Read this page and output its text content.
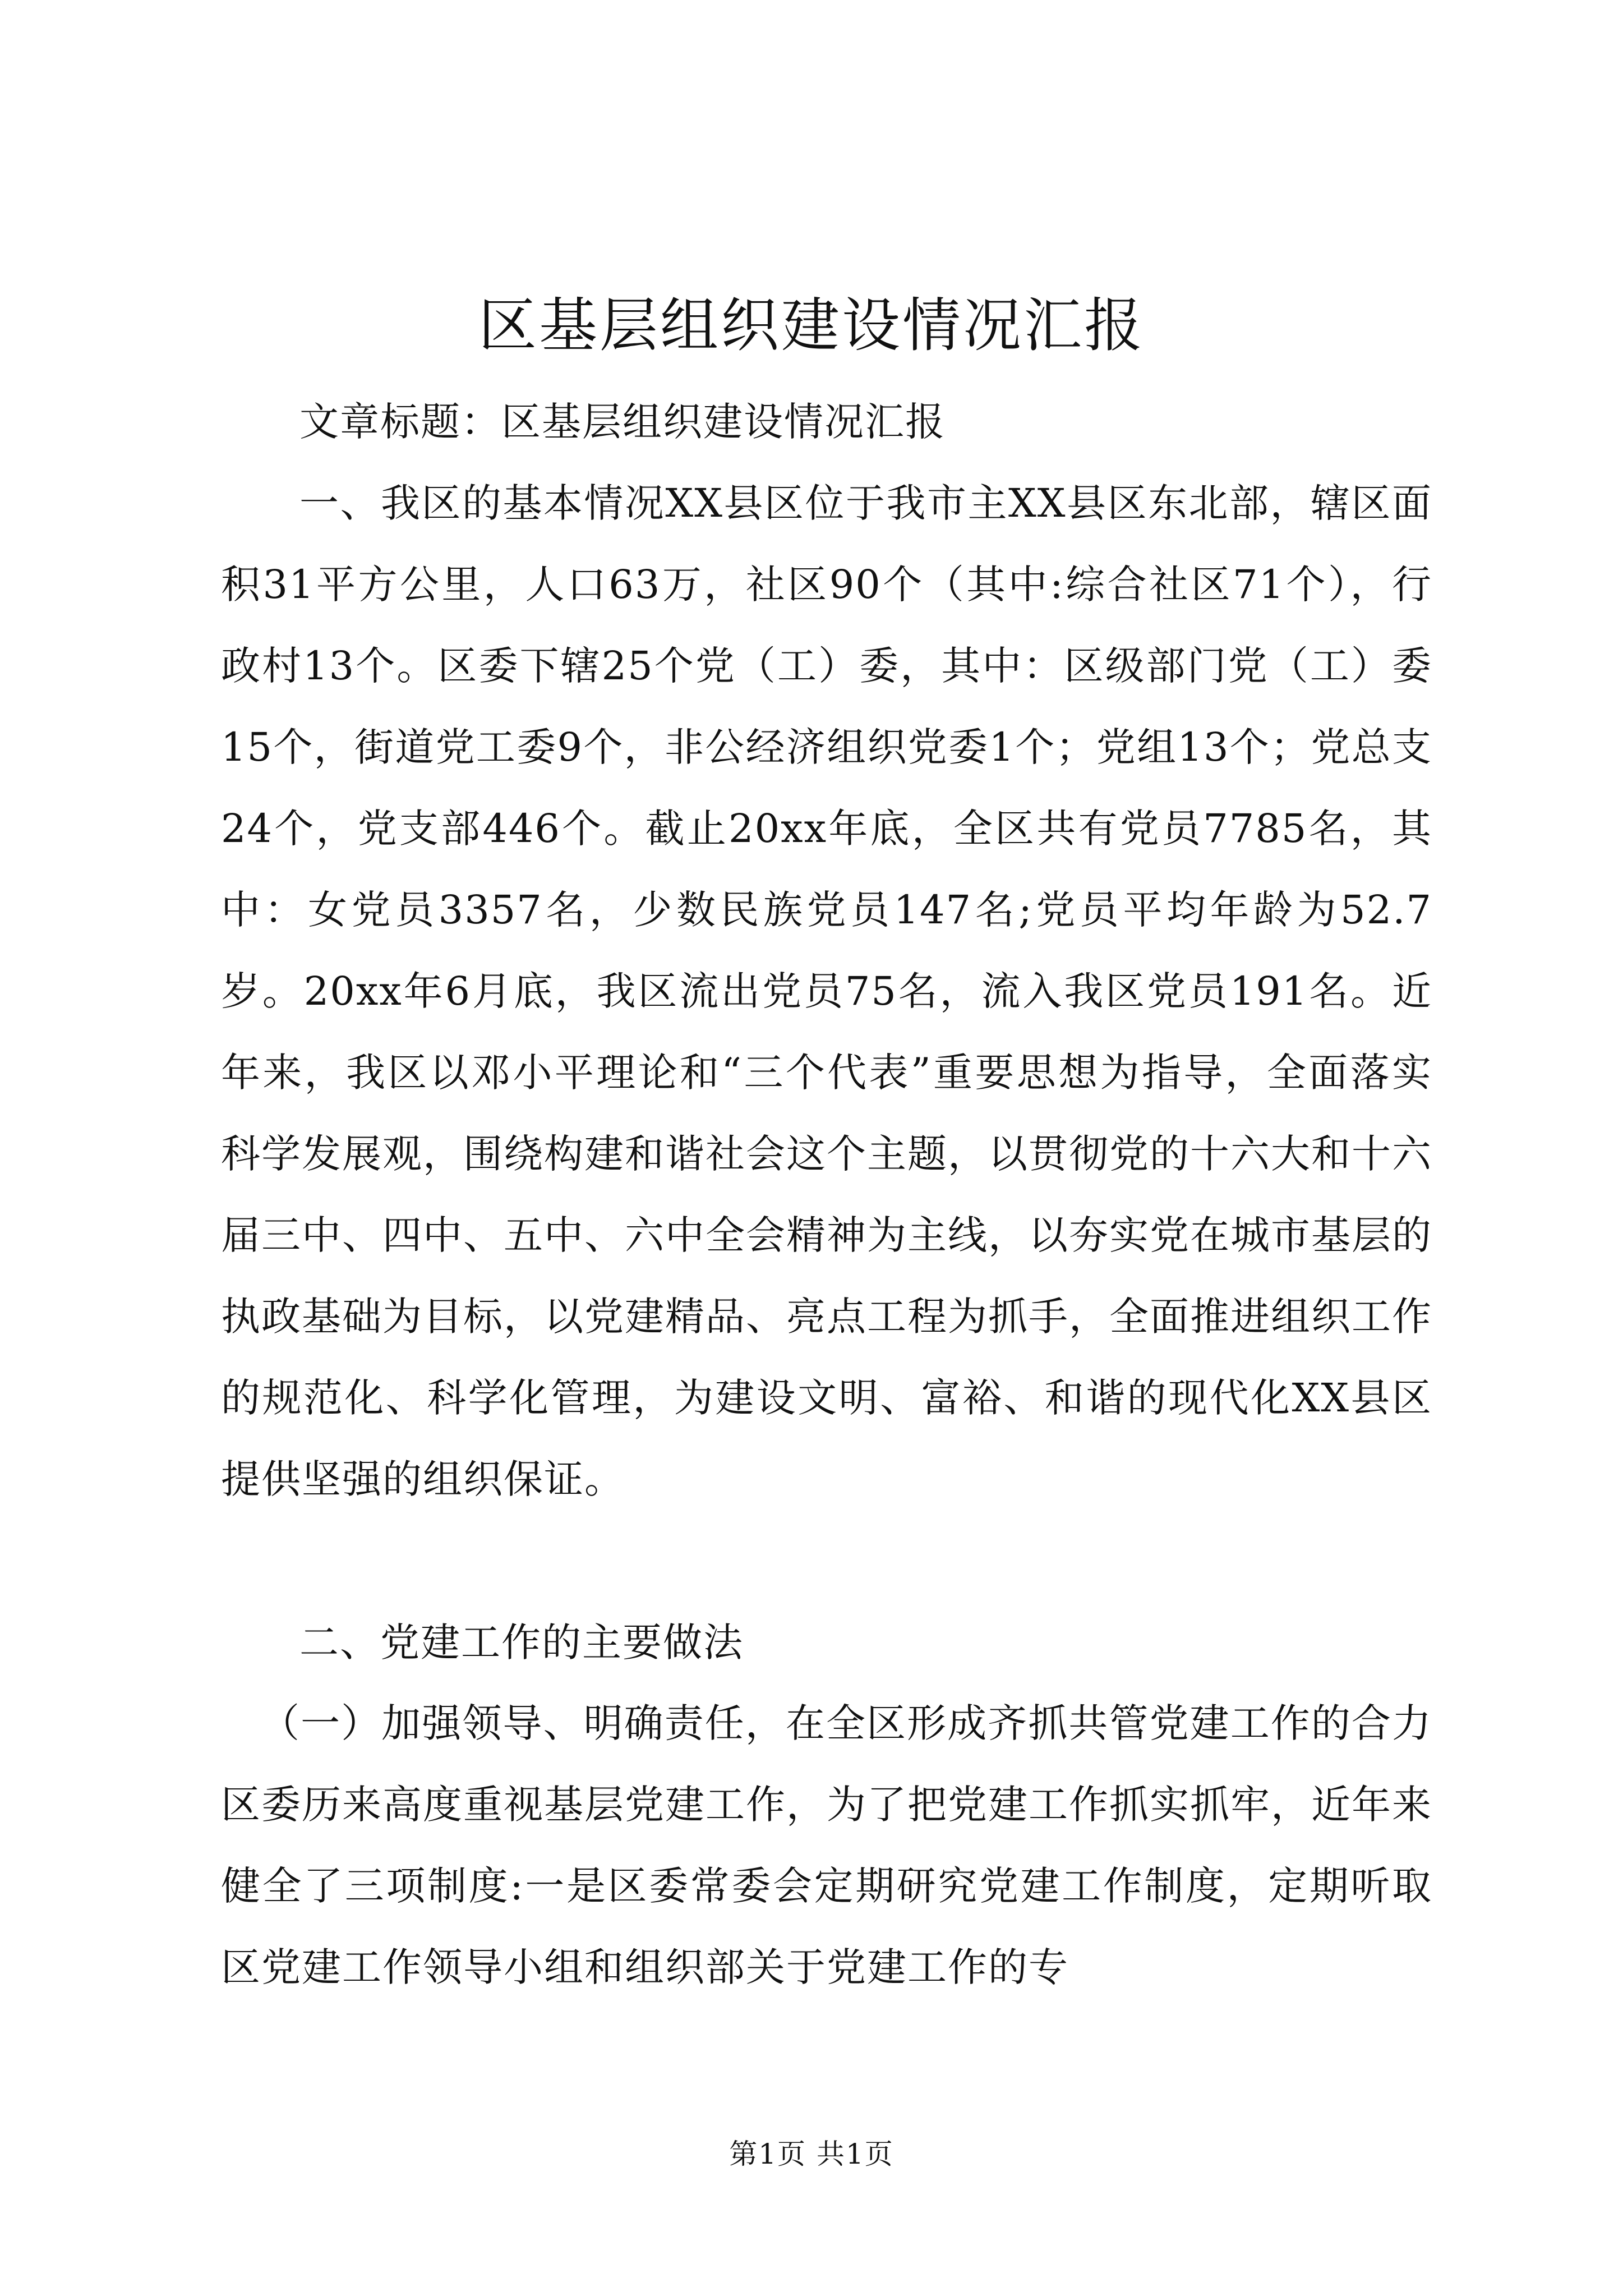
区基层组织建设情况汇报

文章标题：区基层组织建设情况汇报

一、我区的基本情况XX县区位于我市主XX县区东北部，辖区面积31平方公里，人口63万，社区90个（其中:综合社区71个），行政村13个。区委下辖25个党（工）委，其中：区级部门党（工）委15个，街道党工委9个，非公经济组织党委1个；党组13个；党总支24个，党支部446个。截止20xx年底，全区共有党员7785名，其中：女党员3357名，少数民族党员147名;党员平均年龄为52.7岁。20xx年6月底，我区流出党员75名，流入我区党员191名。近年来，我区以邓小平理论和“三个代表”重要思想为指导，全面落实科学发展观，围绕构建和谐社会这个主题，以贯彻党的十六大和十六届三中、四中、五中、六中全会精神为主线，以夯实党在城市基层的执政基础为目标，以党建精品、亮点工程为抓手，全面推进组织工作的规范化、科学化管理，为建设文明、富裕、和谐的现代化XX县区提供坚强的组织保证。

二、党建工作的主要做法

（一）加强领导、明确责任，在全区形成齐抓共管党建工作的合力区委历来高度重视基层党建工作，为了把党建工作抓实抓牢，近年来健全了三项制度:一是区委常委会定期研究党建工作制度，定期听取区党建工作领导小组和组织部关于党建工作的专

第1页 共1页
